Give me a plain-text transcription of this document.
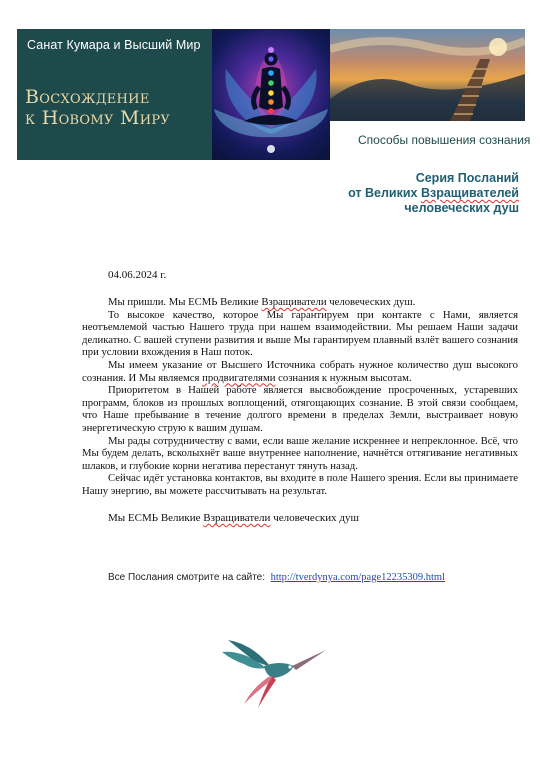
Санат Кумара и Высший Мир
Восхождение
к Новому Миру
Способы повышения сознания
Серия Посланий
от Великих Взращивателей
человеческих душ
04.06.2024 г.

Мы пришли. Мы ЕСМЬ Великие Взращиватели человеческих душ.

То высокое качество, которое Мы гарантируем при контакте с Нами, является неотъемлемой частью Нашего труда при нашем взаимодействии. Мы решаем Наши задачи деликатно. С вашей ступени развития и выше Мы гарантируем плавный взлёт вашего сознания при условии вхождения в Наш поток.

Мы имеем указание от Высшего Источника собрать нужное количество душ высокого сознания. И Мы являемся продвигателями сознания к нужным высотам.

Приоритетом в Нашей работе является высвобождение просроченных, устаревших программ, блоков из прошлых воплощений, отягощающих сознание. В этой связи сообщаем, что Наше пребывание в течение долгого времени в пределах Земли, выстраивает новую энергетическую струю к вашим душам.

Мы рады сотрудничеству с вами, если ваше желание искреннее и непреклонное. Всё, что Мы будем делать, всколыхнёт ваше внутреннее наполнение, начнётся оттягивание негативных шлаков, и глубокие корни негатива перестанут тянуть назад.

Сейчас идёт установка контактов, вы входите в поле Нашего зрения. Если вы принимаете Нашу энергию, вы можете рассчитывать на результат.

Мы ЕСМЬ Великие Взращиватели человеческих душ
Все Послания смотрите на сайте: http://tverdynya.com/page12235309.html
